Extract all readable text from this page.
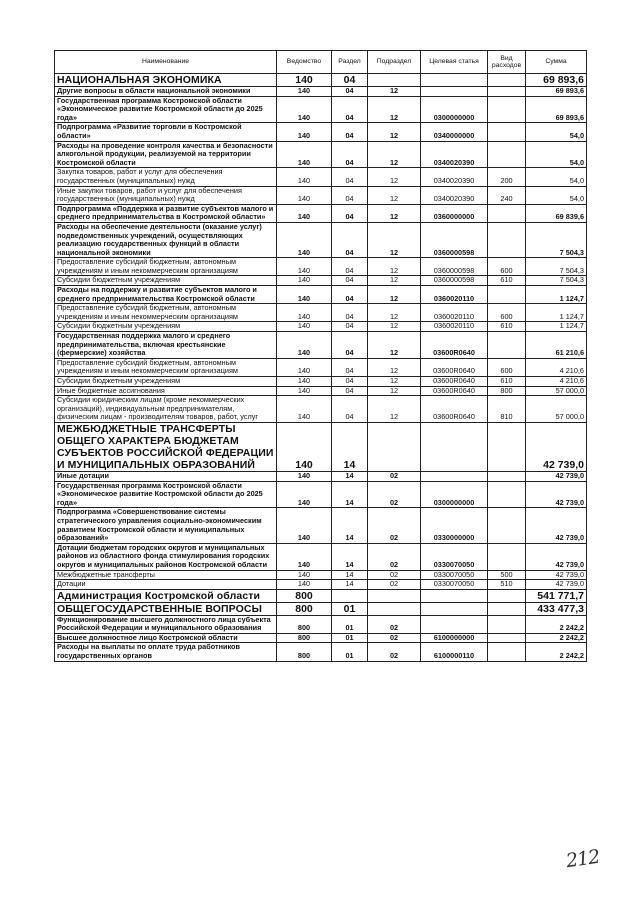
Наименование	Ведомство	Раздел	Подраздел	Целевая статья	Вид расходов	Сумма
НАЦИОНАЛЬНАЯ ЭКОНОМИКА	140	04				69 893,6
Другие вопросы в области национальной экономики	140	04	12			69 893,6
Государственная программа Костромской области «Экономическое развитие Костромской области до 2025 года»	140	04	12	0300000000		69 893,6
Подпрограмма «Развитие торговли в Костромской области»	140	04	12	0340000000		54,0
Расходы на проведение контроля качества и безопасности алкогольной продукции, реализуемой на территории Костромской области	140	04	12	0340020390		54,0
Закупка товаров, работ и услуг для обеспечения государственных (муниципальных) нужд	140	04	12	0340020390	200	54,0
Иные закупки товаров, работ и услуг для обеспечения государственных (муниципальных) нужд	140	04	12	0340020390	240	54,0
Подпрограмма «Поддержка и развитие субъектов малого и среднего предпринимательства в Костромской области»	140	04	12	0360000000		69 839,6
Расходы на обеспечение деятельности (оказание услуг) подведомственных учреждений, осуществляющих реализацию государственных функций в области национальной экономики	140	04	12	0360000598		7 504,3
Предоставление субсидий бюджетным, автономным учреждениям и иным некоммерческим организациям	140	04	12	0360000598	600	7 504,3
Субсидии бюджетным учреждениям	140	04	12	0360000598	610	7 504,3
Расходы на поддержку и развитие субъектов малого и среднего предпринимательства Костромской области	140	04	12	0360020110		1 124,7
Предоставление субсидий бюджетным, автономным учреждениям и иным некоммерческим организациям	140	04	12	0360020110	600	1 124,7
Субсидии бюджетным учреждениям	140	04	12	0360020110	610	1 124,7
Государственная поддержка малого и среднего предпринимательства, включая крестьянские (фермерские) хозяйства	140	04	12	03600R0640		61 210,6
Предоставление субсидий бюджетным, автономным учреждениям и иным некоммерческим организациям	140	04	12	03600R0640	600	4 210,6
Субсидии бюджетным учреждениям	140	04	12	03600R0640	610	4 210,6
Иные бюджетные ассигнования	140	04	12	03600R0640	800	57 000,0
Субсидии юридическим лицам (кроме некоммерческих организаций), индивидуальным предпринимателям, физическим лицам - производителям товаров, работ, услуг	140	04	12	03600R0640	810	57 000,0
МЕЖБЮДЖЕТНЫЕ ТРАНСФЕРТЫ ОБЩЕГО ХАРАКТЕРА БЮДЖЕТАМ СУБЪЕКТОВ РОССИЙСКОЙ ФЕДЕРАЦИИ И МУНИЦИПАЛЬНЫХ ОБРАЗОВАНИЙ	140	14				42 739,0
Иные дотации	140	14	02			42 739,0
Государственная программа Костромской области «Экономическое развитие Костромской области до 2025 года»	140	14	02	0300000000		42 739,0
Подпрограмма «Совершенствование системы стратегического управления социально-экономическим развитием Костромской области и муниципальных образований»	140	14	02	0330000000		42 739,0
Дотации бюджетам городских округов и муниципальных районов из областного фонда стимулирования городских округов и муниципальных районов Костромской области	140	14	02	0330070050		42 739,0
Межбюджетные трансферты	140	14	02	0330070050	500	42 739,0
Дотации	140	14	02	0330070050	510	42 739,0
Администрация Костромской области	800					541 771,7
ОБЩЕГОСУДАРСТВЕННЫЕ ВОПРОСЫ	800	01				433 477,3
Функционирование высшего должностного лица субъекта Российской Федерации и муниципального образования	800	01	02			2 242,2
Высшее должностное лицо Костромской области	800	01	02	6100000000		2 242,2
Расходы на выплаты по оплате труда работников государственных органов	800	01	02	6100000110		2 242,2
212
